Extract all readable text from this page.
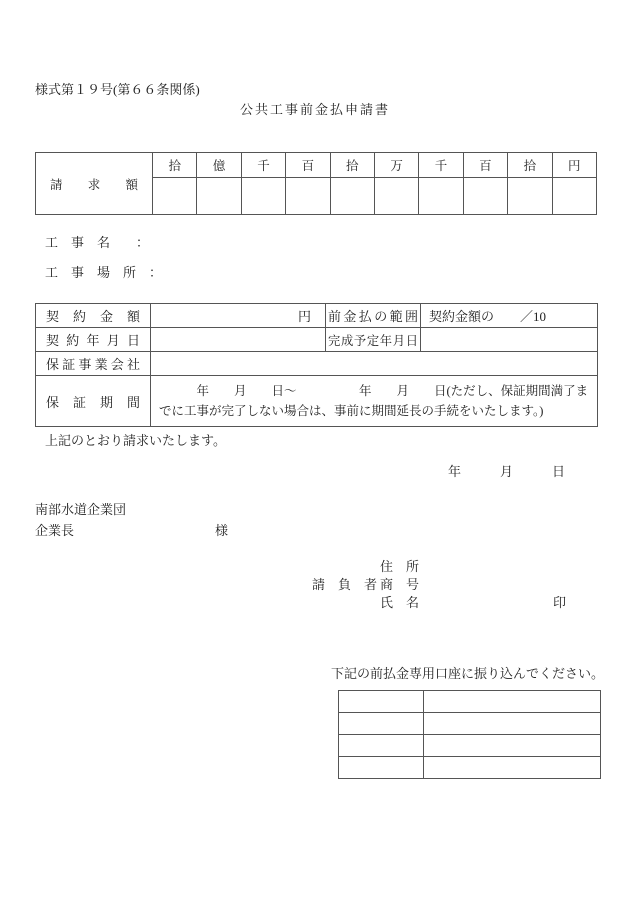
様式第１９号(第６６条関係)
公共工事前金払申請書
請求額	拾	億	千	百	拾	万	千	百	拾	円

工　事　名　　：
工　事　場　所　：
契約金額	円	前金払の範囲	契約金額の　　／10
契約年月日		完成予定年月日	
保証事業会社			
保証期間	　　　年　　月　　日～　　　　　年　　月　　日(ただし、保証期間満了までに工事が完了しない場合は、事前に期間延長の手続をいたします。)		
上記のとおり請求いたします。
年　　　月　　　日
南部水道企業団
企業長	様
住　所
請　負　者 商　号
氏　名	印
下記の前払金専用口座に振り込んでください。
